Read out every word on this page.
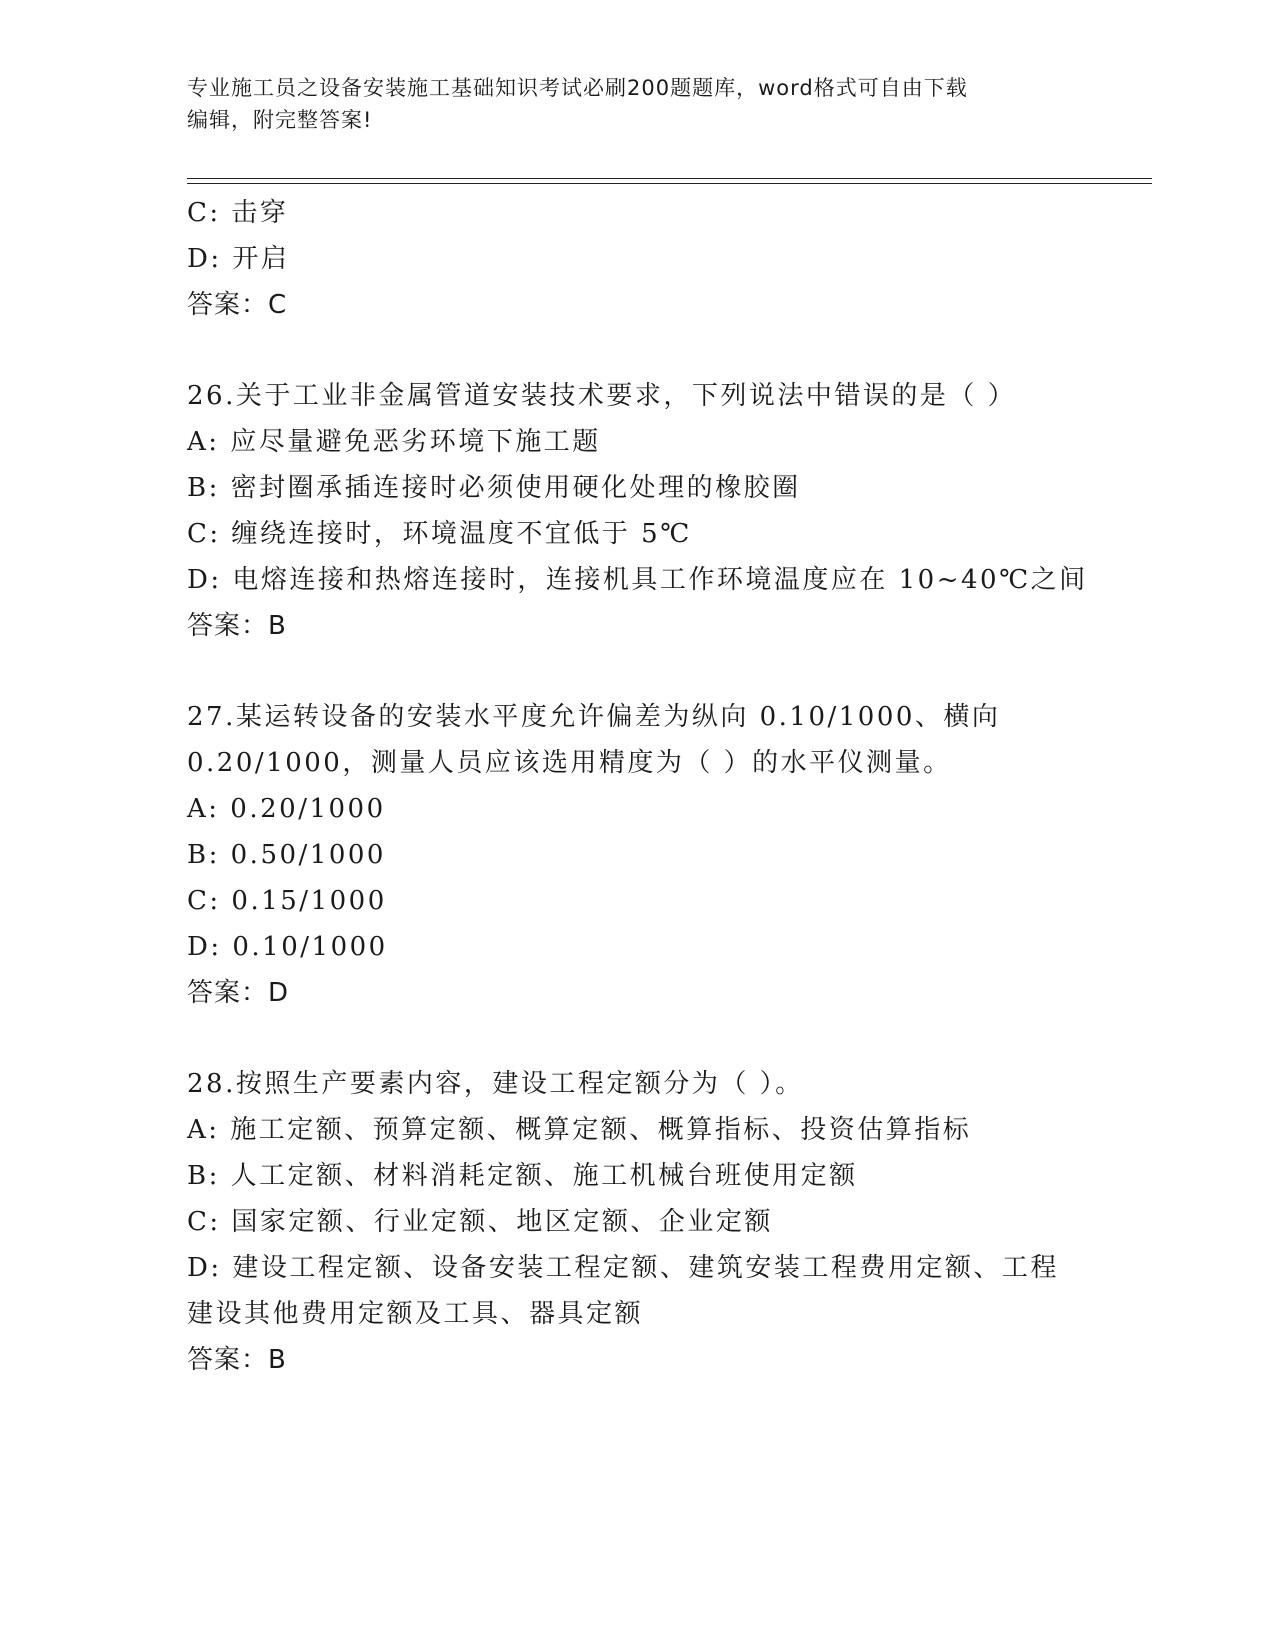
专业施工员之设备安装施工基础知识考试必刷200题题库，word格式可自由下载
编辑，附完整答案!
C: 击穿
D: 开启
答案：C
26.关于工业非金属管道安装技术要求，下列说法中错误的是（ ）
A: 应尽量避免恶劣环境下施工题
B: 密封圈承插连接时必须使用硬化处理的橡胶圈
C: 缠绕连接时，环境温度不宜低于 5℃
D: 电熔连接和热熔连接时，连接机具工作环境温度应在 10~40℃之间
答案：B
27.某运转设备的安装水平度允许偏差为纵向 0.10/1000、横向
0.20/1000，测量人员应该选用精度为（ ）的水平仪测量。
A: 0.20/1000
B: 0.50/1000
C: 0.15/1000
D: 0.10/1000
答案：D
28.按照生产要素内容，建设工程定额分为（ ）。
A: 施工定额、预算定额、概算定额、概算指标、投资估算指标
B: 人工定额、材料消耗定额、施工机械台班使用定额
C: 国家定额、行业定额、地区定额、企业定额
D: 建设工程定额、设备安装工程定额、建筑安装工程费用定额、工程
建设其他费用定额及工具、器具定额
答案：B
